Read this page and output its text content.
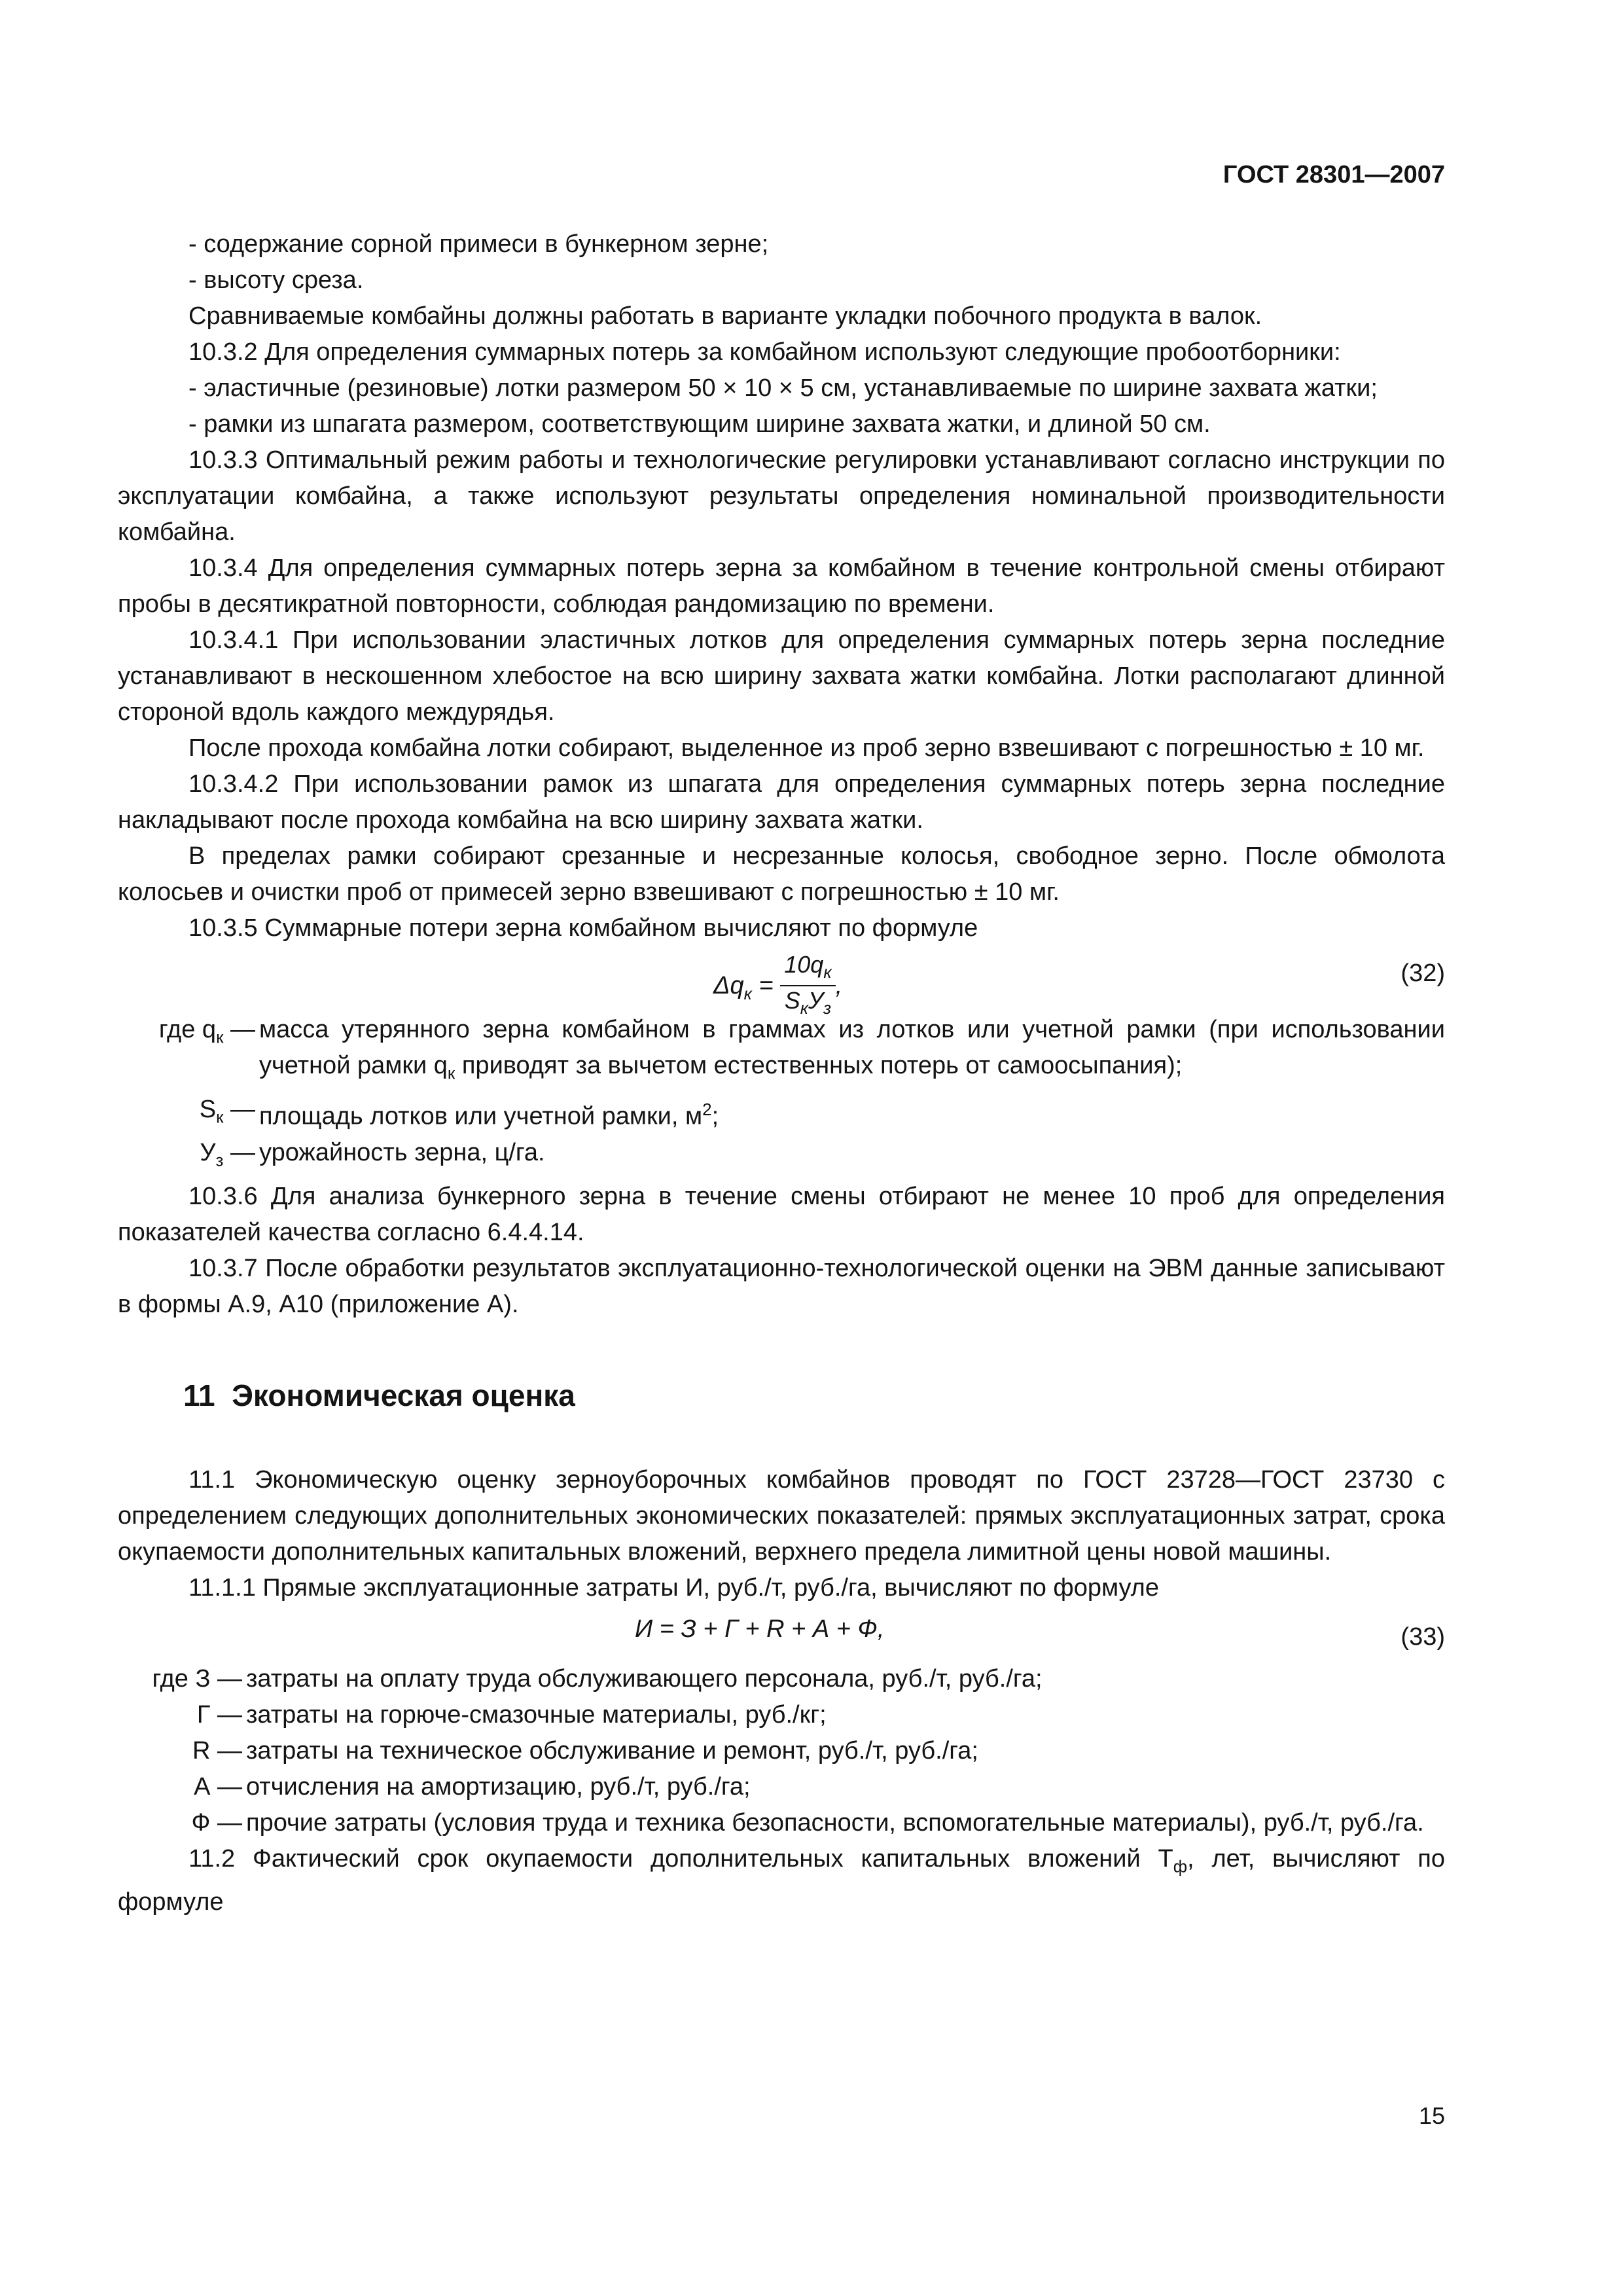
ГОСТ 28301—2007

- содержание сорной примеси в бункерном зерне;

- высоту среза.

Сравниваемые комбайны должны работать в варианте укладки побочного продукта в валок.

10.3.2 Для определения суммарных потерь за комбайном используют следующие пробоотборники:

- эластичные (резиновые) лотки размером 50 × 10 × 5 см, устанавливаемые по ширине захвата жатки;

- рамки из шпагата размером, соответствующим ширине захвата жатки, и длиной 50 см.

10.3.3 Оптимальный режим работы и технологические регулировки устанавливают согласно инструкции по эксплуатации комбайна, а также используют результаты определения номинальной производительности комбайна.

10.3.4 Для определения суммарных потерь зерна за комбайном в течение контрольной смены отбирают пробы в десятикратной повторности, соблюдая рандомизацию по времени.

10.3.4.1 При использовании эластичных лотков для определения суммарных потерь зерна последние устанавливают в нескошенном хлебостое на всю ширину захвата жатки комбайна. Лотки располагают длинной стороной вдоль каждого междурядья.

После прохода комбайна лотки собирают, выделенное из проб зерно взвешивают с погрешностью ± 10 мг.

10.3.4.2 При использовании рамок из шпагата для определения суммарных потерь зерна последние накладывают после прохода комбайна на всю ширину захвата жатки.

В пределах рамки собирают срезанные и несрезанные колосья, свободное зерно. После обмолота колосьев и очистки проб от примесей зерно взвешивают с погрешностью ± 10 мг.

10.3.5 Суммарные потери зерна комбайном вычисляют по формуле

$\Delta q_к = \frac{10q_к}{S_кУ_з}$ ,	(32)
где $q_к$ — масса утерянного зерна комбайном в граммах из лотков или учетной рамки (при использовании учетной рамки $q_к$ приводят за вычетом естественных потерь от самоосыпания);
$S_к$ — площадь лотков или учетной рамки, $м^2$;
$У_з$ — урожайность зерна, ц/га.

10.3.6 Для анализа бункерного зерна в течение смены отбирают не менее 10 проб для определения показателей качества согласно 6.4.4.14.

10.3.7 После обработки результатов эксплуатационно-технологической оценки на ЭВМ данные записывают в формы А.9, А10 (приложение А).

11 Экономическая оценка

11.1 Экономическую оценку зерноуборочных комбайнов проводят по ГОСТ 23728—ГОСТ 23730 с определением следующих дополнительных экономических показателей: прямых эксплуатационных затрат, срока окупаемости дополнительных капитальных вложений, верхнего предела лимитной цены новой машины.

11.1.1 Прямые эксплуатационные затраты И, руб./т, руб./га, вычисляют по формуле

И = З + Г + R + А + Ф,	(33)
где З — затраты на оплату труда обслуживающего персонала, руб./т, руб./га;
Г — затраты на горюче-смазочные материалы, руб./кг;
R — затраты на техническое обслуживание и ремонт, руб./т, руб./га;
А — отчисления на амортизацию, руб./т, руб./га;
Ф — прочие затраты (условия труда и техника безопасности, вспомогательные материалы), руб./т, руб./га.

11.2 Фактический срок окупаемости дополнительных капитальных вложений $Т_ф$, лет, вычисляют по формуле

15
